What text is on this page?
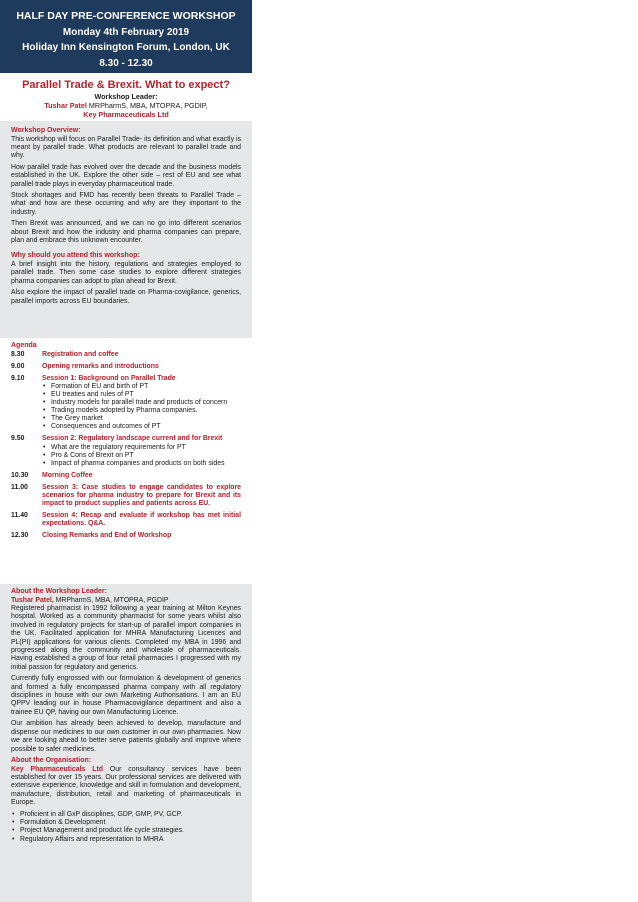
HALF DAY PRE-CONFERENCE WORKSHOP
Monday 4th February 2019
Holiday Inn Kensington Forum, London, UK
8.30 - 12.30
Parallel Trade & Brexit. What to expect?
Workshop Leader:
Tushar Patel MRPharmS, MBA, MTOPRA, PGDIP,
Key Pharmaceuticals Ltd
Workshop Overview:

This workshop will focus on Parallel Trade- its definition and what exactly is meant by parallel trade. What products are relevant to parallel trade and why.

How parallel trade has evolved over the decade and the business models established in the UK. Explore the other side – rest of EU and see what parallel trade plays in everyday pharmaceutical trade.

Stock shortages and FMD has recently been threats to Parallel Trade – what and how are these occurring and why are they important to the industry.

Then Brexit was announced, and we can no go into different scenarios about Brexit and how the industry and pharma companies can prepare, plan and embrace this unknown encounter.

Why should you attend this workshop:

A brief insight into the history, regulations and strategies employed to parallel trade. Then some case studies to explore different strategies pharma companies can adopt to plan ahead for Brexit.

Also explore the impact of parallel trade on Pharma-covigilance, generics, parallel imports across EU boundaries.

Agenda
8.30	Registration and coffee
9.00	Opening remarks and introductions
9.10	Session 1: Background on Parallel Trade
• Formation of EU and birth of PT
• EU treaties and rules of PT
• Industry models for parallel trade and products of concern
• Trading models adopted by Pharma companies.
• The Grey market
• Consequences and outcomes of PT
9.50	Session 2: Regulatory landscape current and for Brexit
• What are the regulatory requirements for PT
• Pro & Cons of Brexit on PT
• Impact of pharma companies and products on both sides
10.30	Morning Coffee
11.00	Session 3: Case studies to engage candidates to explore scenarios for pharma industry to prepare for Brexit and its impact to product supplies and patients across EU.
11.40	Session 4: Recap and evaluate if workshop has met initial expectations. Q&A.
12.30	Closing Remarks and End of Workshop
About the Workshop Leader:
Tushar Patel, MRPharmS, MBA, MTOPRA, PGDIP

Registered pharmacist in 1992 following a year training at Milton Keynes hospital. Worked as a community pharmacist for some years whilst also involved in regulatory projects for start-up of parallel import companies in the UK. Facilitated application for MHRA Manufacturing Licences and PL(PI) applications for various clients. Completed my MBA in 1996 and progressed along the community and wholesale of pharmaceuticals. Having established a group of four retail pharmacies I progressed with my initial passion for regulatory and generics.

Currently fully engrossed with our formulation & development of generics and formed a fully encompassed pharma company with all regulatory disciplines in house with our own Marketing Authorisations. I am an EU QPPV leading our in house Pharmacovigilance department and also a trainee EU QP, having our own Manufacturing Licence.

Our ambition has already been achieved to develop, manufacture and dispense our medicines to our own customer in our own pharmacies. Now we are looking ahead to better serve patients globally and improve where possible to safer medicines.

About the Organisation:

Key Pharmaceuticals Ltd Our consultancy services have been established for over 15 years. Our professional services are delivered with extensive experience, knowledge and skill in formulation and development, manufacture, distribution, retail and marketing of pharmaceuticals in Europe.

• Proficient in all GxP disciplines, GDP, GMP, PV, GCP.
• Formulation & Development
• Project Management and product life cycle strategies.
• Regulatory Affairs and representation to MHRA
